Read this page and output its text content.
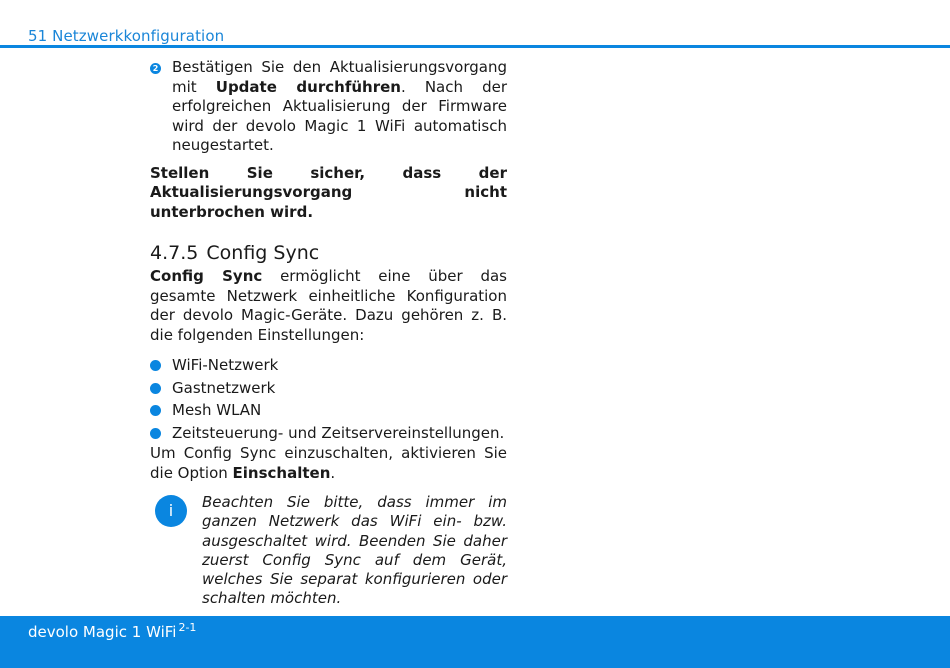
51 Netzwerkkonfiguration

2 Bestätigen Sie den Aktualisierungsvorgang mit Update durchführen. Nach der erfolgreichen Aktualisierung der Firmware wird der devolo Magic 1 WiFi automatisch neugestartet.

Stellen Sie sicher, dass der Aktualisierungsvorgang nicht unterbrochen wird.

4.7.5 Config Sync

Config Sync ermöglicht eine über das gesamte Netzwerk einheitliche Konfiguration der devolo Magic-Geräte. Dazu gehören z. B. die folgenden Einstellungen:

WiFi-Netzwerk
Gastnetzwerk
Mesh WLAN
Zeitsteuerung- und Zeitservereinstellungen.

Um Config Sync einzuschalten, aktivieren Sie die Option Einschalten.

i	Beachten Sie bitte, dass immer im ganzen Netzwerk das WiFi ein- bzw. ausgeschaltet wird. Beenden Sie daher zuerst Config Sync auf dem Gerät, welches Sie separat konfigurieren oder schalten möchten.
devolo Magic 1 WiFi $^{2-1}$
